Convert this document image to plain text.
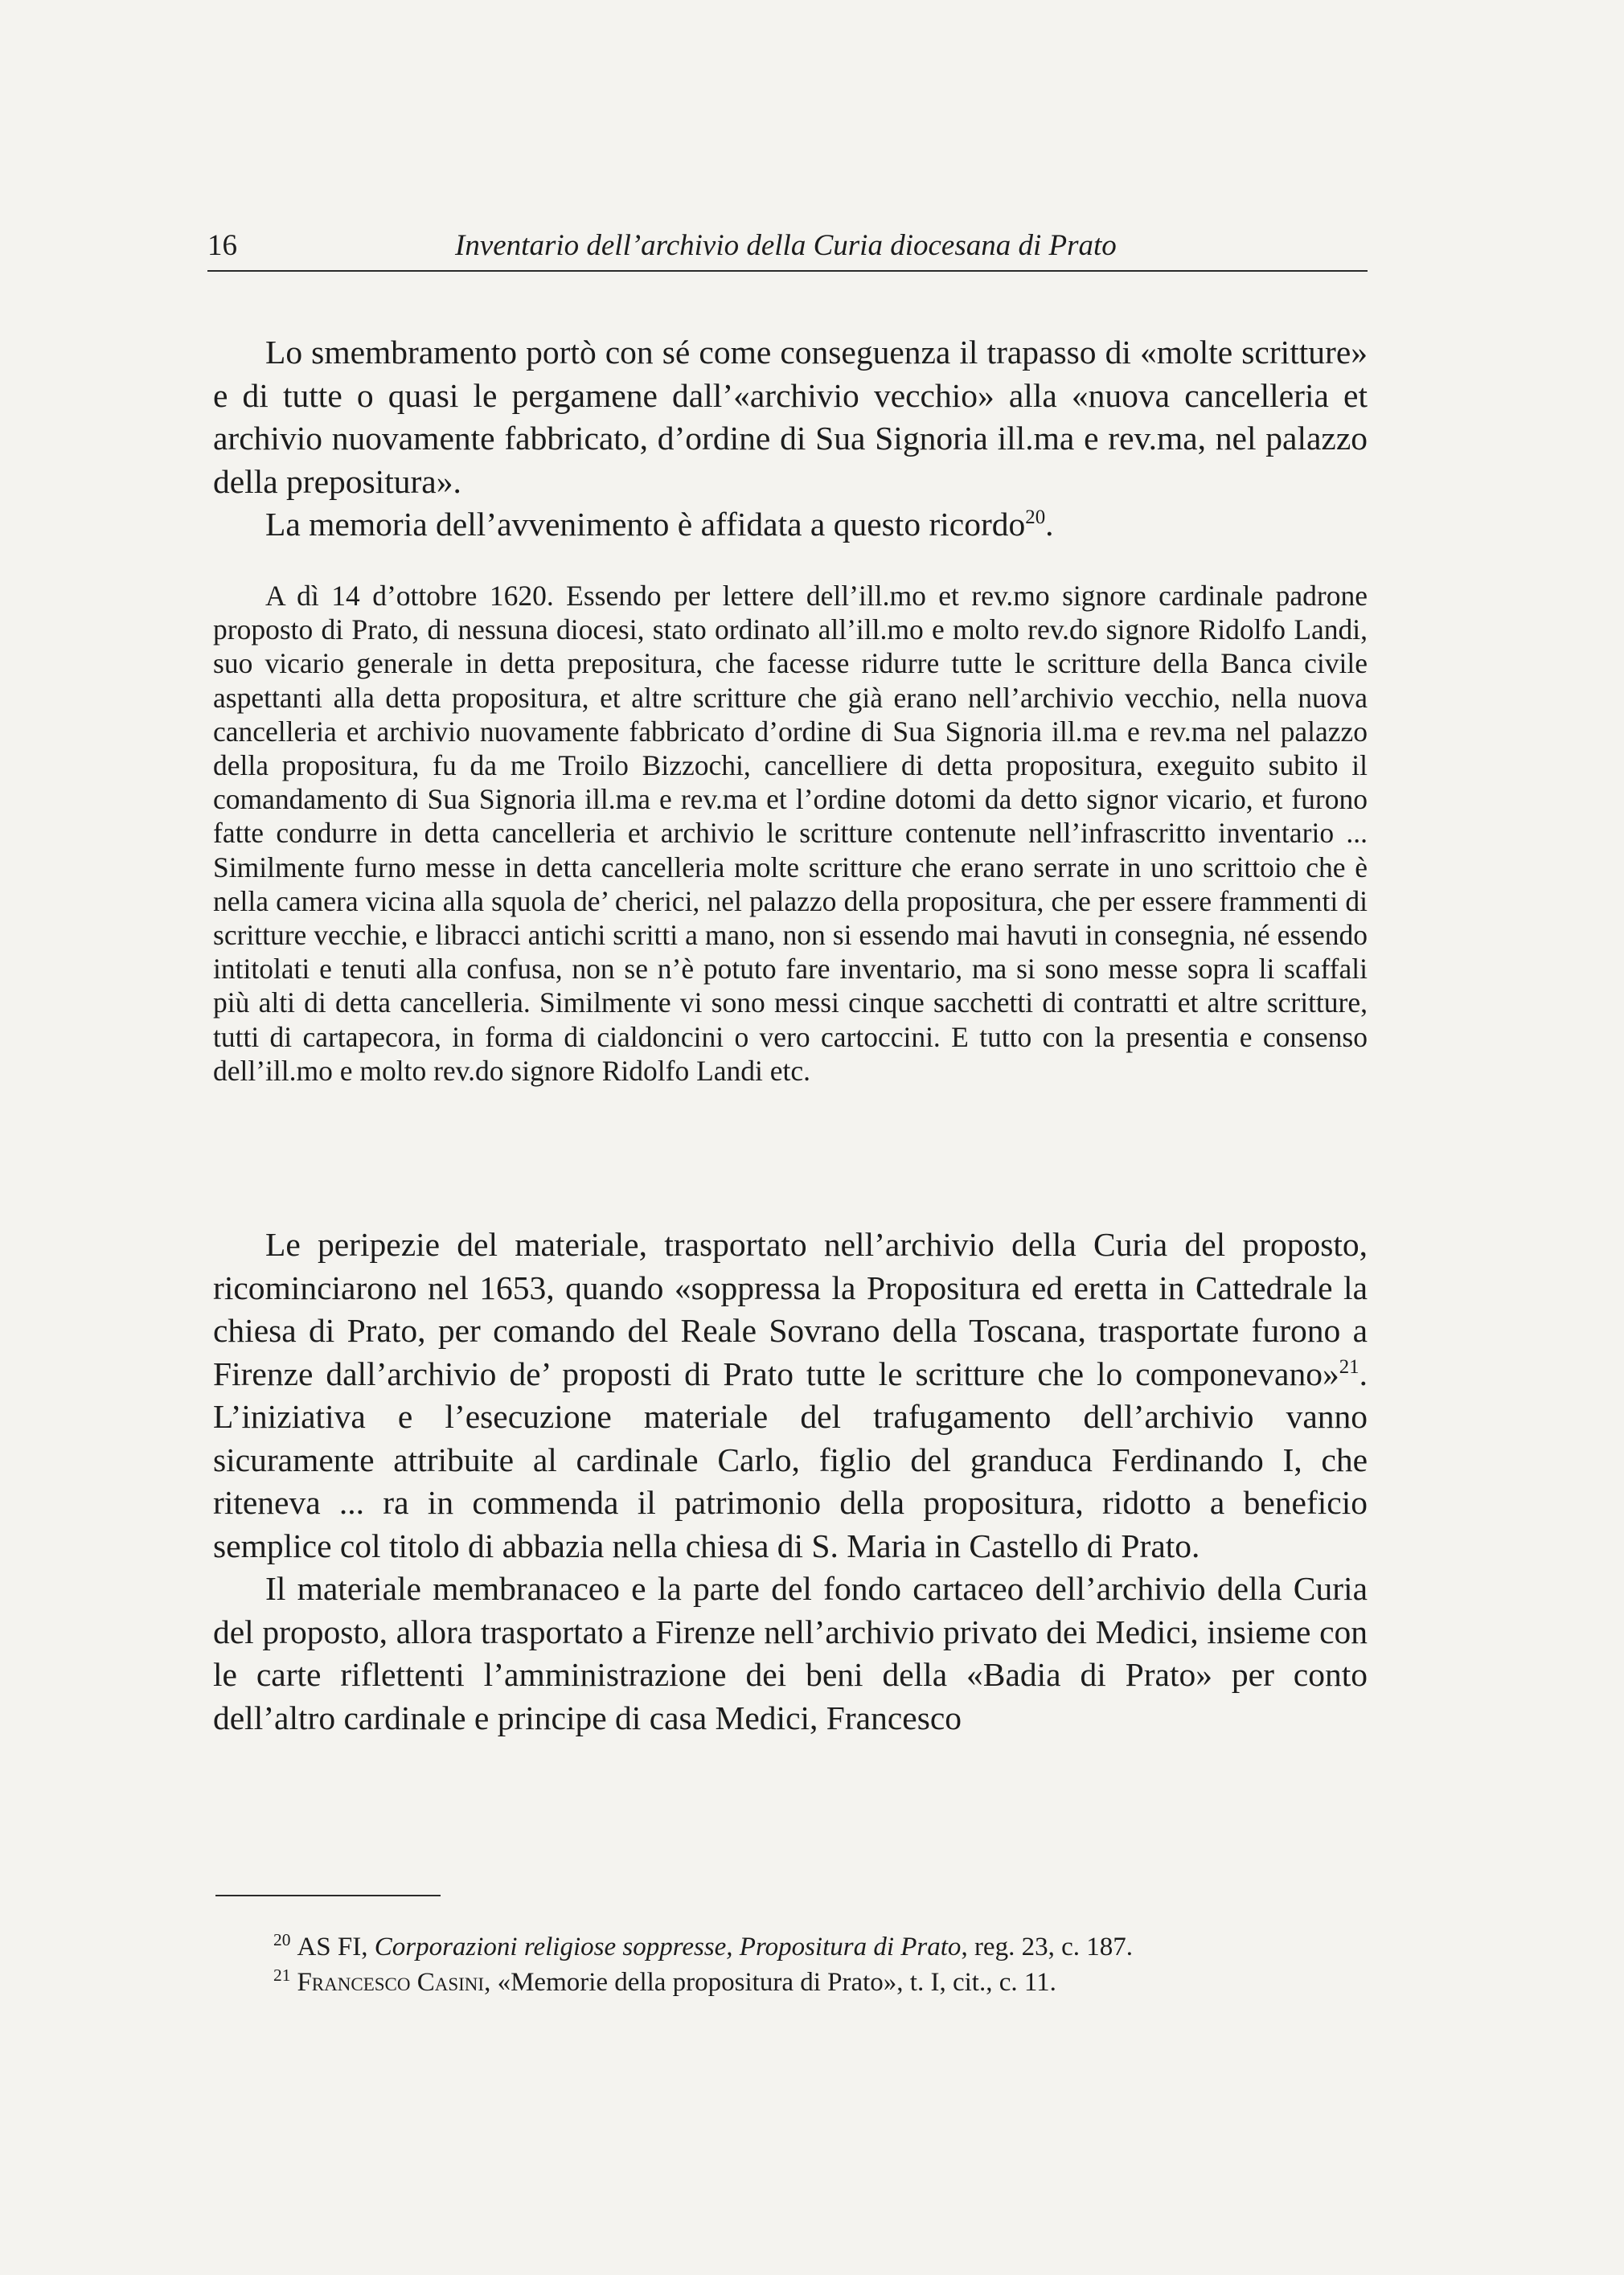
16	Inventario dell’archivio della Curia diocesana di Prato

Lo smembramento portò con sé come conseguenza il trapasso di «molte scritture» e di tutte o quasi le pergamene dall’«archivio vecchio» alla «nuova cancelleria et archivio nuovamente fabbricato, d’ordine di Sua Signoria ill.ma e rev.ma, nel palazzo della prepositura».

La memoria dell’avvenimento è affidata a questo ricordo$^{20}$.

A dì 14 d’ottobre 1620. Essendo per lettere dell’ill.mo et rev.mo signore cardinale padrone proposto di Prato, di nessuna diocesi, stato ordinato all’ill.mo e molto rev.do signore Ridolfo Landi, suo vicario generale in detta prepositura, che facesse ridurre tutte le scritture della Banca civile aspettanti alla detta propositura, et altre scritture che già erano nell’archivio vecchio, nella nuova cancelleria et archivio nuovamente fabbricato d’ordine di Sua Signoria ill.ma e rev.ma nel palazzo della propositura, fu da me Troilo Bizzochi, cancelliere di detta propositura, exeguito subito il comandamento di Sua Signoria ill.ma e rev.ma et l’ordine dotomi da detto signor vicario, et furono fatte condurre in detta cancelleria et archivio le scritture contenute nell’infrascritto inventario ... Similmente furno messe in detta cancelleria molte scritture che erano serrate in uno scrittoio che è nella camera vicina alla squola de’ cherici, nel palazzo della propositura, che per essere frammenti di scritture vecchie, e libracci antichi scritti a mano, non si essendo mai havuti in consegnia, né essendo intitolati e tenuti alla confusa, non se n’è potuto fare inventario, ma si sono messe sopra li scaffali più alti di detta cancelleria. Similmente vi sono messi cinque sacchetti di contratti et altre scritture, tutti di cartapecora, in forma di cialdoncini o vero cartoccini. E tutto con la presentia e consenso dell’ill.mo e molto rev.do signore Ridolfo Landi etc.

Le peripezie del materiale, trasportato nell’archivio della Curia del proposto, ricominciarono nel 1653, quando «soppressa la Propositura ed eretta in Cattedrale la chiesa di Prato, per comando del Reale Sovrano della Toscana, trasportate furono a Firenze dall’archivio de’ proposti di Prato tutte le scritture che lo componevano»$^{21}$. L’iniziativa e l’esecuzione materiale del trafugamento dell’archivio vanno sicuramente attribuite al cardinale Carlo, figlio del granduca Ferdinando I, che riteneva ... ra in commenda il patrimonio della propositura, ridotto a beneficio semplice col titolo di abbazia nella chiesa di S. Maria in Castello di Prato.

Il materiale membranaceo e la parte del fondo cartaceo dell’archivio della Curia del proposto, allora trasportato a Firenze nell’archivio privato dei Medici, insieme con le carte riflettenti l’amministrazione dei beni della «Badia di Prato» per conto dell’altro cardinale e principe di casa Medici, Francesco

$^{20}$ AS FI, Corporazioni religiose soppresse, Propositura di Prato, reg. 23, c. 187.

$^{21}$ Francesco Casini, «Memorie della propositura di Prato», t. I, cit., c. 11.
